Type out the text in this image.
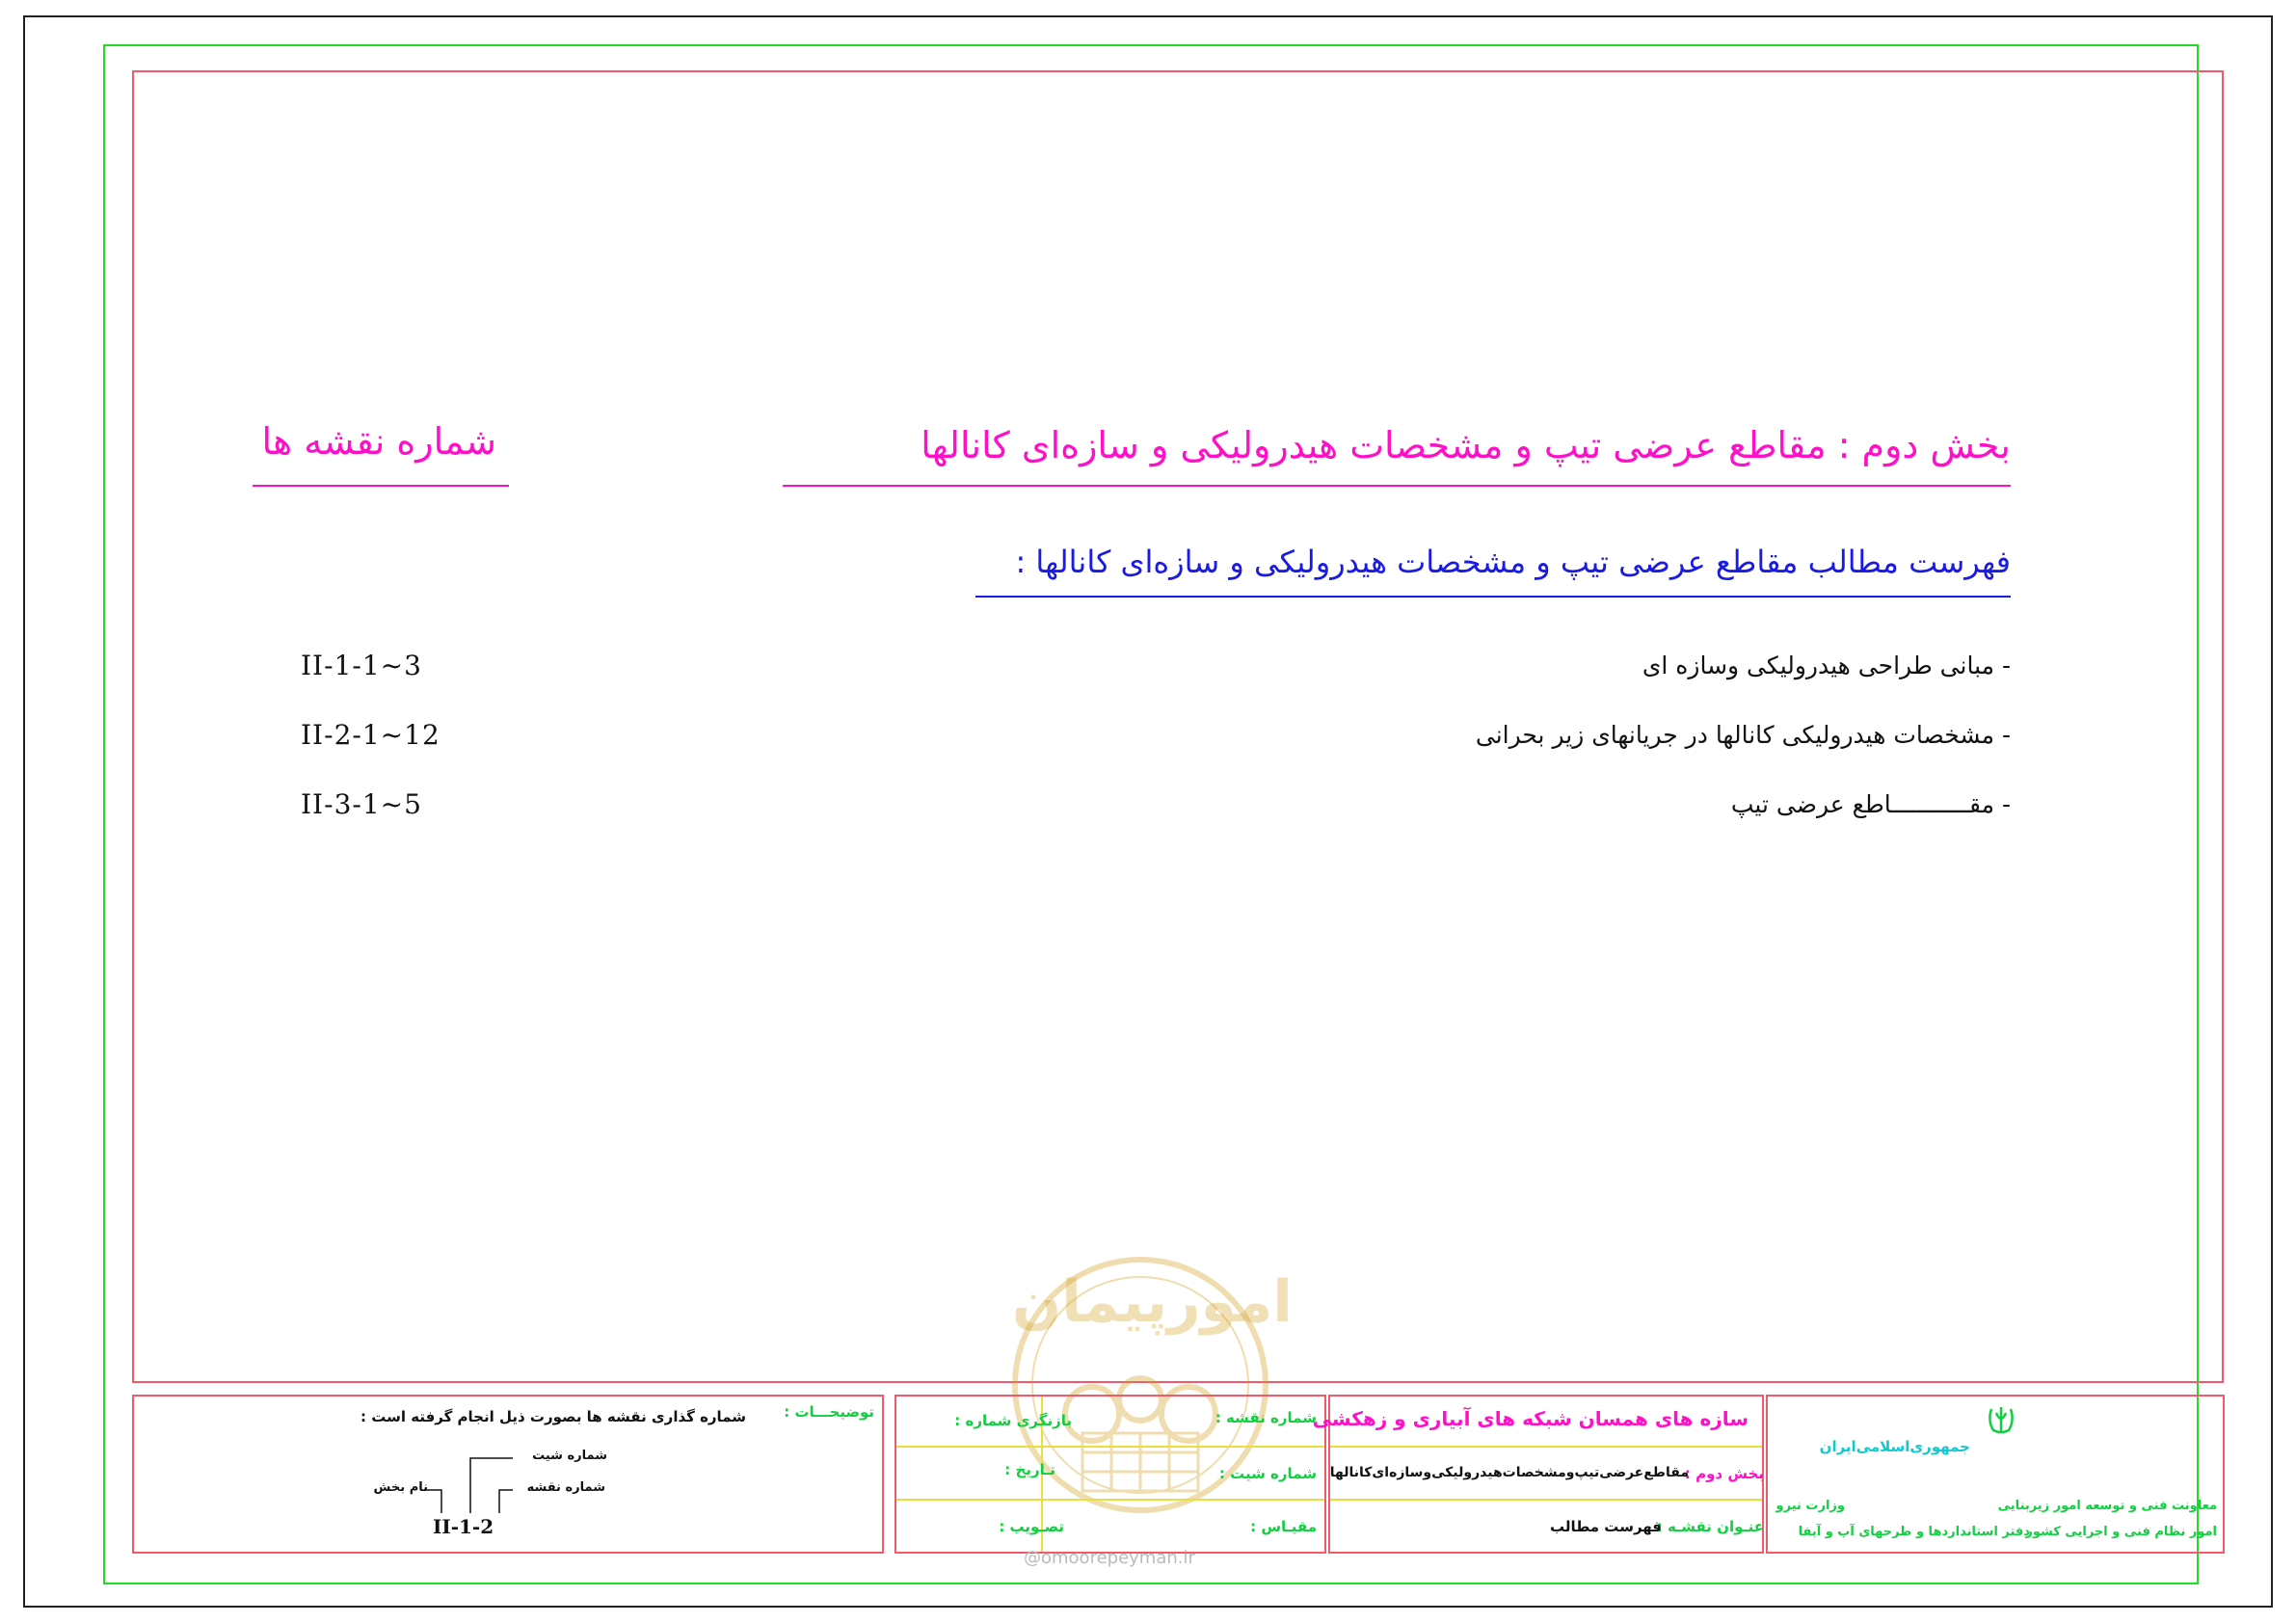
بخش دوم : مقاطع عرضی تیپ و مشخصات هیدرولیکی و سازه‌ای کانالها
شماره نقشه ها
فهرست مطالب مقاطع عرضی تیپ و مشخصات هیدرولیکی و سازه‌ای کانالها :
- مبانی طراحی هیدرولیکی وسازه ای
II-1-1~3
- مشخصات هیدرولیکی کانالها در جریانهای زیر بحرانی
II-2-1~12
- مقـــــــــــاطع عرضی تیپ
II-3-1~5
امورپیمان
توضیحـــات :
شماره گذاری نقشه ها بصورت ذیل انجام گرفته است :
شماره شیت
شماره نقشه
نام بخش
II-1-2
بازنگری شماره :
تـاريخ :
تصـويب :
شماره نقشه :
شماره شيت :
مقيـاس :
@omoorepeyman.ir
سازه های همسان شبکه های آبیاری و زهکشی
بخش دوم :
مقاطع‌عرضی‌تیپ‌و‌مشخصات‌هیدرولیکی‌و‌سازه‌ای‌کانالها
عنـوان نقشـه :
فهرست مطالب
جمهوری‌اسلامی‌ایران
وزارت نیرو	معاونت فنی و توسعه امور زیربنایی
امور نظام فنی و اجرایی کشور
دفتر استانداردها و طرحهای آب و آبفا
